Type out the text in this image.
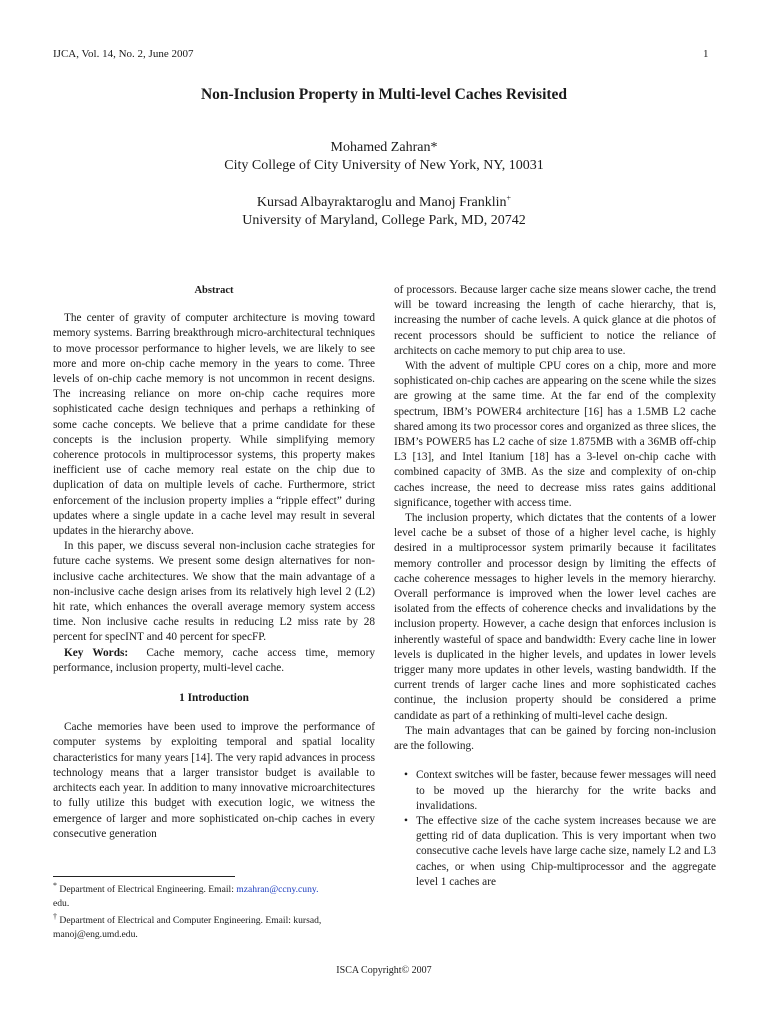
IJCA, Vol. 14, No. 2, June 2007	1
Non-Inclusion Property in Multi-level Caches Revisited
Mohamed Zahran*
City College of City University of New York, NY, 10031
Kursad Albayraktaroglu and Manoj Franklin+
University of Maryland, College Park, MD, 20742
Abstract

The center of gravity of computer architecture is moving toward memory systems. Barring breakthrough micro-architectural techniques to move processor performance to higher levels, we are likely to see more and more on-chip cache memory in the years to come. Three levels of on-chip cache memory is not uncommon in recent designs. The increasing reliance on more on-chip cache requires more sophisticated cache design techniques and perhaps a rethinking of some cache concepts. We believe that a prime candidate for these concepts is the inclusion property. While simplifying memory coherence protocols in multiprocessor systems, this property makes inefficient use of cache memory real estate on the chip due to duplication of data on multiple levels of cache. Furthermore, strict enforcement of the inclusion property implies a “ripple effect” during updates where a single update in a cache level may result in several updates in the hierarchy above.

In this paper, we discuss several non-inclusion cache strategies for future cache systems. We present some design alternatives for non-inclusive cache architectures. We show that the main advantage of a non-inclusive cache design arises from its relatively high level 2 (L2) hit rate, which enhances the overall average memory system access time. Non inclusive cache results in reducing L2 miss rate by 28 percent for specINT and 40 percent for specFP.

Key Words: Cache memory, cache access time, memory performance, inclusion property, multi-level cache.

1 Introduction

Cache memories have been used to improve the performance of computer systems by exploiting temporal and spatial locality characteristics for many years [14]. The very rapid advances in process technology means that a larger transistor budget is available to architects each year. In addition to many innovative microarchitectures to fully utilize this budget with execution logic, we witness the emergence of larger and more sophisticated on-chip caches in every consecutive generation

of processors. Because larger cache size means slower cache, the trend will be toward increasing the length of cache hierarchy, that is, increasing the number of cache levels. A quick glance at die photos of recent processors should be sufficient to notice the reliance of architects on cache memory to put chip area to use.

With the advent of multiple CPU cores on a chip, more and more sophisticated on-chip caches are appearing on the scene while the sizes are growing at the same time. At the far end of the complexity spectrum, IBM’s POWER4 architecture [16] has a 1.5MB L2 cache shared among its two processor cores and organized as three slices, the IBM’s POWER5 has L2 cache of size 1.875MB with a 36MB off-chip L3 [13], and Intel Itanium [18] has a 3-level on-chip cache with combined capacity of 3MB. As the size and complexity of on-chip caches increase, the need to decrease miss rates gains additional significance, together with access time.

The inclusion property, which dictates that the contents of a lower level cache be a subset of those of a higher level cache, is highly desired in a multiprocessor system primarily because it facilitates memory controller and processor design by limiting the effects of cache coherence messages to higher levels in the memory hierarchy. Overall performance is improved when the lower level caches are isolated from the effects of coherence checks and invalidations by the inclusion property. However, a cache design that enforces inclusion is inherently wasteful of space and bandwidth: Every cache line in lower levels is duplicated in the higher levels, and updates in lower levels trigger many more updates in other levels, wasting bandwidth. If the current trends of larger cache lines and more sophisticated caches continue, the inclusion property should be considered a prime candidate as part of a rethinking of multi-level cache design.

The main advantages that can be gained by forcing non-inclusion are the following.

• Context switches will be faster, because fewer messages will need to be moved up the hierarchy for the write backs and invalidations.
• The effective size of the cache system increases because we are getting rid of data duplication. This is very important when two consecutive cache levels have large cache size, namely L2 and L3 caches, or when using Chip-multiprocessor and the aggregate level 1 caches are

* Department of Electrical Engineering. Email: mzahran@ccny.cuny.
edu.

† Department of Electrical and Computer Engineering. Email: kursad, manoj@eng.umd.edu.

ISCA Copyright© 2007
